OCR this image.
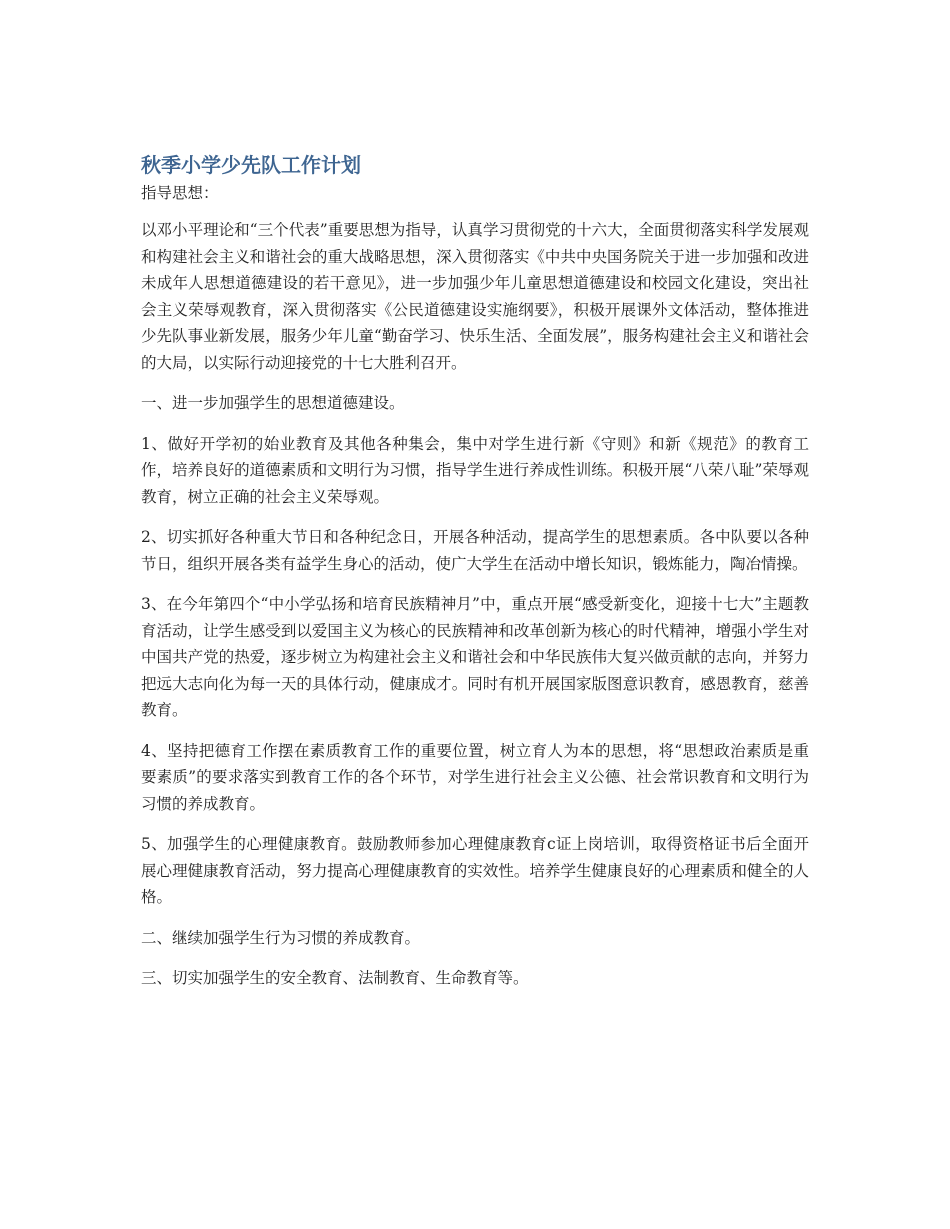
秋季小学少先队工作计划

指导思想：

以邓小平理论和“三个代表”重要思想为指导，认真学习贯彻党的十六大，全面贯彻落实科学发展观和构建社会主义和谐社会的重大战略思想，深入贯彻落实《中共中央国务院关于进一步加强和改进未成年人思想道德建设的若干意见》，进一步加强少年儿童思想道德建设和校园文化建设，突出社会主义荣辱观教育，深入贯彻落实《公民道德建设实施纲要》，积极开展课外文体活动，整体推进少先队事业新发展，服务少年儿童“勤奋学习、快乐生活、全面发展”，服务构建社会主义和谐社会的大局，以实际行动迎接党的十七大胜利召开。

一、进一步加强学生的思想道德建设。

1、做好开学初的始业教育及其他各种集会，集中对学生进行新《守则》和新《规范》的教育工作，培养良好的道德素质和文明行为习惯，指导学生进行养成性训练。积极开展“八荣八耻”荣辱观教育，树立正确的社会主义荣辱观。

2、切实抓好各种重大节日和各种纪念日，开展各种活动，提高学生的思想素质。各中队要以各种节日，组织开展各类有益学生身心的活动，使广大学生在活动中增长知识，锻炼能力，陶冶情操。

3、在今年第四个“中小学弘扬和培育民族精神月”中，重点开展“感受新变化，迎接十七大”主题教育活动，让学生感受到以爱国主义为核心的民族精神和改革创新为核心的时代精神，增强小学生对中国共产党的热爱，逐步树立为构建社会主义和谐社会和中华民族伟大复兴做贡献的志向，并努力把远大志向化为每一天的具体行动，健康成才。同时有机开展国家版图意识教育，感恩教育，慈善教育。

4、坚持把德育工作摆在素质教育工作的重要位置，树立育人为本的思想，将“思想政治素质是重要素质”的要求落实到教育工作的各个环节，对学生进行社会主义公德、社会常识教育和文明行为习惯的养成教育。

5、加强学生的心理健康教育。鼓励教师参加心理健康教育c证上岗培训，取得资格证书后全面开展心理健康教育活动，努力提高心理健康教育的实效性。培养学生健康良好的心理素质和健全的人格。

二、继续加强学生行为习惯的养成教育。

三、切实加强学生的安全教育、法制教育、生命教育等。
